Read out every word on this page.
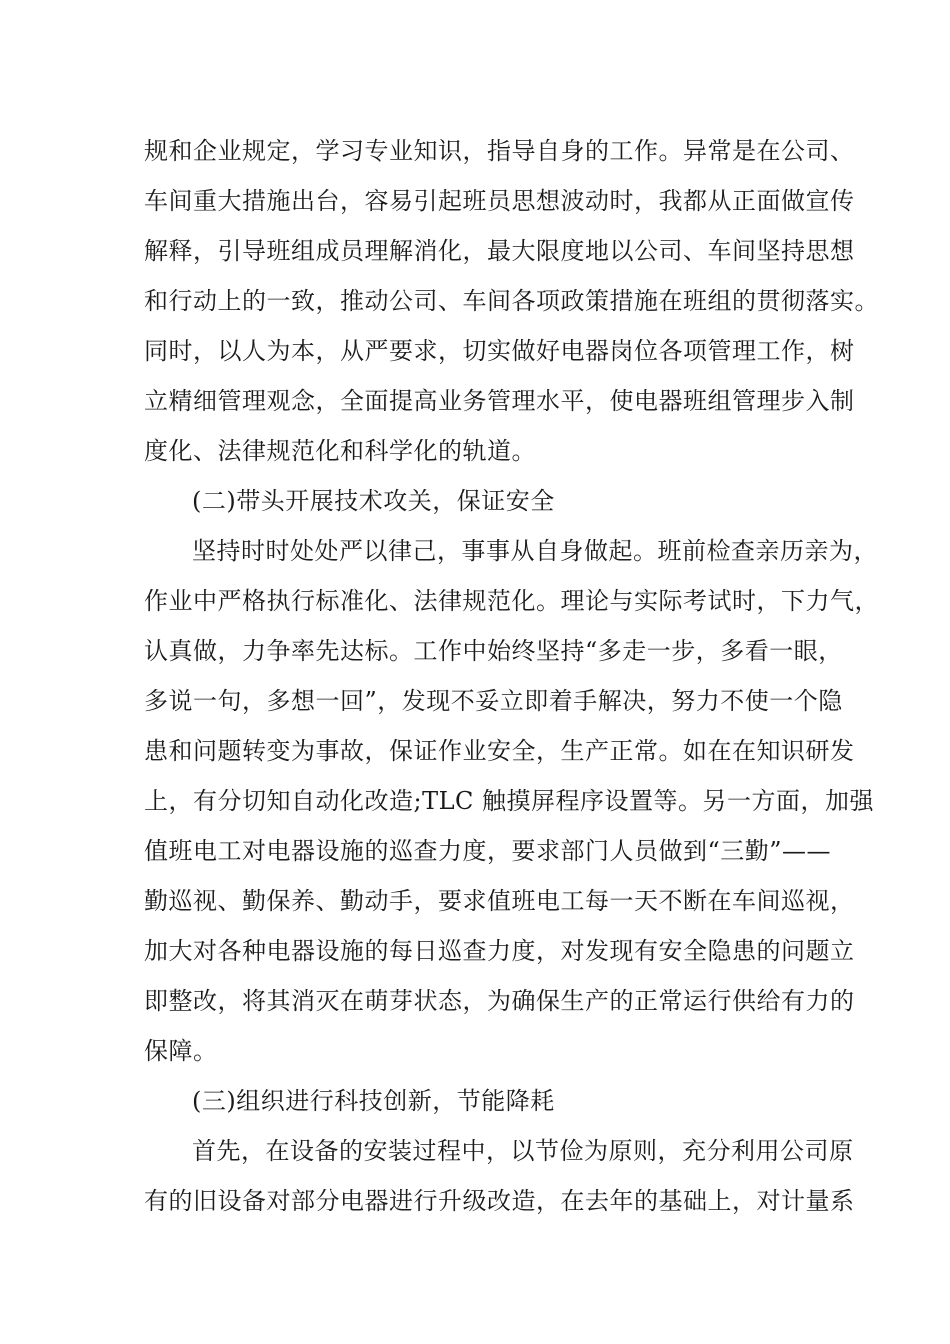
规和企业规定，学习专业知识，指导自身的工作。异常是在公司、
车间重大措施出台，容易引起班员思想波动时，我都从正面做宣传
解释，引导班组成员理解消化，最大限度地以公司、车间坚持思想
和行动上的一致，推动公司、车间各项政策措施在班组的贯彻落实。
同时，以人为本，从严要求，切实做好电器岗位各项管理工作，树
立精细管理观念，全面提高业务管理水平，使电器班组管理步入制
度化、法律规范化和科学化的轨道。
(二)带头开展技术攻关，保证安全
坚持时时处处严以律己，事事从自身做起。班前检查亲历亲为，
作业中严格执行标准化、法律规范化。理论与实际考试时，下力气，
认真做，力争率先达标。工作中始终坚持“多走一步，多看一眼，
多说一句，多想一回”，发现不妥立即着手解决，努力不使一个隐
患和问题转变为事故，保证作业安全，生产正常。如在在知识研发
上，有分切知自动化改造;TLC 触摸屏程序设置等。另一方面，加强
值班电工对电器设施的巡查力度，要求部门人员做到“三勤”——
勤巡视、勤保养、勤动手，要求值班电工每一天不断在车间巡视，
加大对各种电器设施的每日巡查力度，对发现有安全隐患的问题立
即整改，将其消灭在萌芽状态，为确保生产的正常运行供给有力的
保障。
(三)组织进行科技创新，节能降耗
首先，在设备的安装过程中，以节俭为原则，充分利用公司原
有的旧设备对部分电器进行升级改造，在去年的基础上，对计量系
